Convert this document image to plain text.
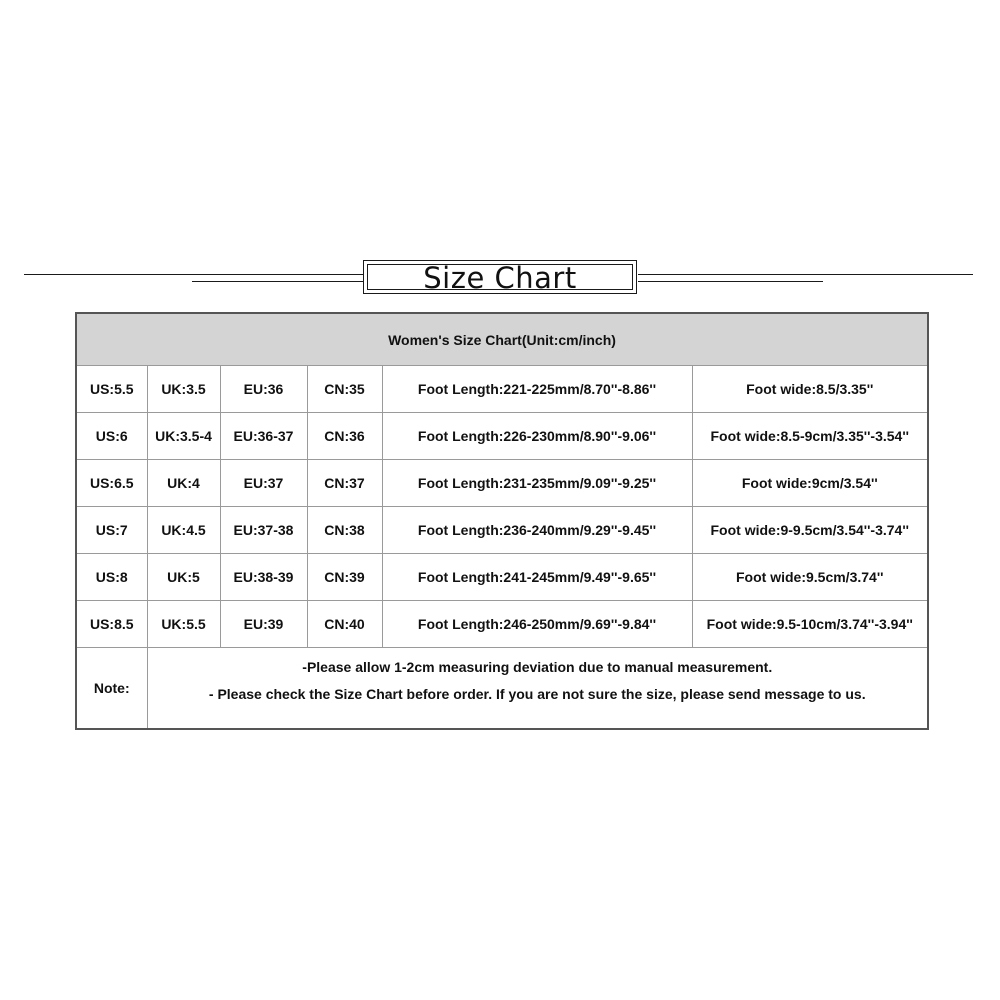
Size Chart
Women's Size Chart(Unit:cm/inch)					
US:5.5	UK:3.5	EU:36	CN:35	Foot Length:221-225mm/8.70''-8.86''	Foot wide:8.5/3.35''
US:6	UK:3.5-4	EU:36-37	CN:36	Foot Length:226-230mm/8.90''-9.06''	Foot wide:8.5-9cm/3.35''-3.54''
US:6.5	UK:4	EU:37	CN:37	Foot Length:231-235mm/9.09''-9.25''	Foot wide:9cm/3.54''
US:7	UK:4.5	EU:37-38	CN:38	Foot Length:236-240mm/9.29''-9.45''	Foot wide:9-9.5cm/3.54''-3.74''
US:8	UK:5	EU:38-39	CN:39	Foot Length:241-245mm/9.49''-9.65''	Foot wide:9.5cm/3.74''
US:8.5	UK:5.5	EU:39	CN:40	Foot Length:246-250mm/9.69''-9.84''	Foot wide:9.5-10cm/3.74''-3.94''
Note:	-Please allow 1-2cm measuring deviation due to manual measurement.
- Please check the Size Chart before order. If you are not sure the size, please send message to us.				
